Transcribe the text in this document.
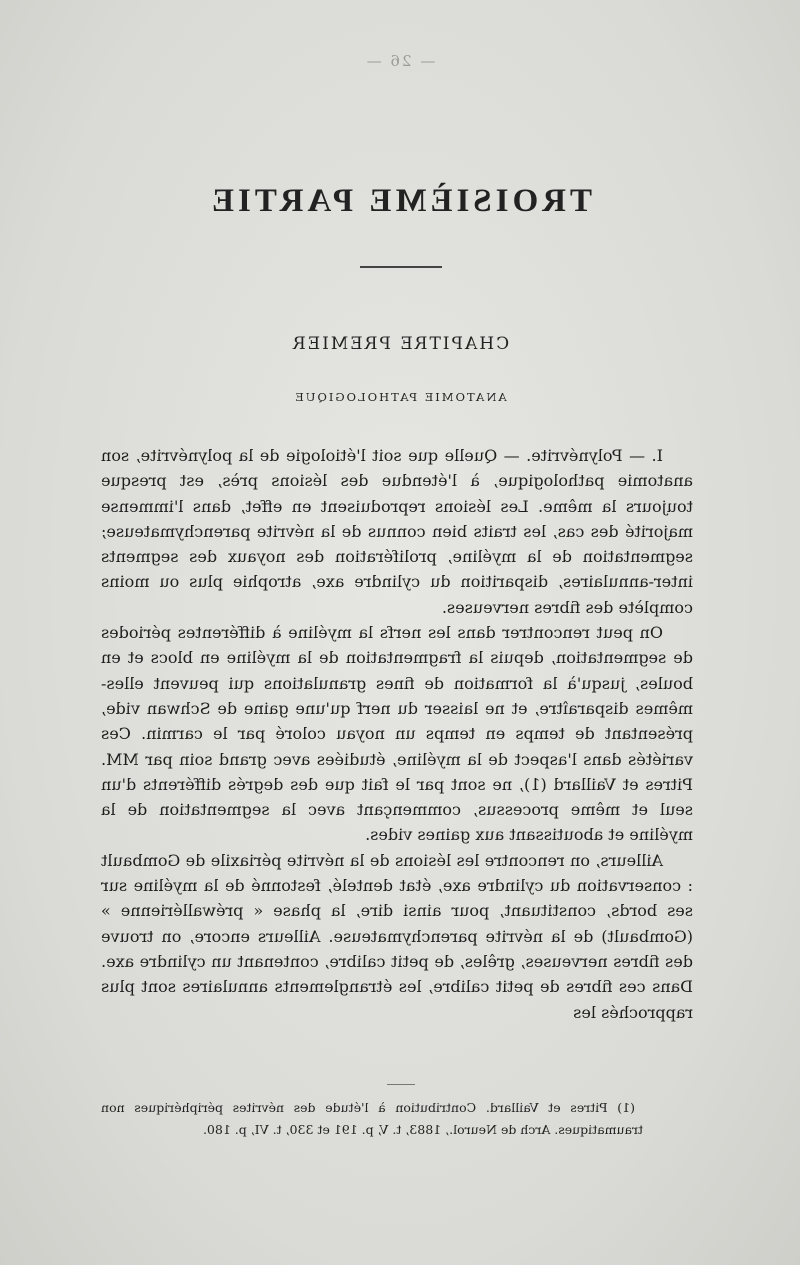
— 26 —
TROISIÈME PARTIE
CHAPITRE PREMIER
ANATOMIE PATHOLOGIQUE

I. — Polynévrite. — Quelle que soit l'étiologie de la polynévrite, son anatomie pathologique, à l'étendue des lésions près, est presque toujours la même. Les lésions reproduisent en effet, dans l'immense majorité des cas, les traits bien connus de la névrite parenchymateuse; segmentation de la myéline, prolifération des noyaux des segments inter-annulaires, disparition du cylindre axe, atrophie plus ou moins complète des fibres nerveuses.

On peut rencontrer dans les nerfs la myéline à différentes périodes de segmentation, depuis la fragmentation de la myéline en blocs et en boules, jusqu'à la formation de fines granulations qui peuvent elles-mêmes disparaître, et ne laisser du nerf qu'une gaine de Schwan vide, présentant de temps en temps un noyau coloré par le carmin. Ces variétés dans l'aspect de la myéline, étudiées avec grand soin par MM. Pitres et Vaillard (1), ne sont par le fait que des degrés différents d'un seul et même processus, commençant avec la segmentation de la myéline et aboutissant aux gaines vides.

Ailleurs, on rencontre les lésions de la névrite périaxile de Gombault : conservation du cylindre axe, état dentelé, festonné de la myéline sur ses bords, constituant, pour ainsi dire, la phase « préwallérienne » (Gombault) de la névrite parenchymateuse. Ailleurs encore, on trouve des fibres nerveuses, grêles, de petit calibre, contenant un cylindre axe. Dans ces fibres de petit calibre, les étranglements annulaires sont plus rapprochés les

(1) Pitres et Vaillard. Contribution à l'étude des névrites périphériques non traumatiques. Arch de Neurol., 1883, t. V, p. 191 et 330, t. VI, p. 180.
